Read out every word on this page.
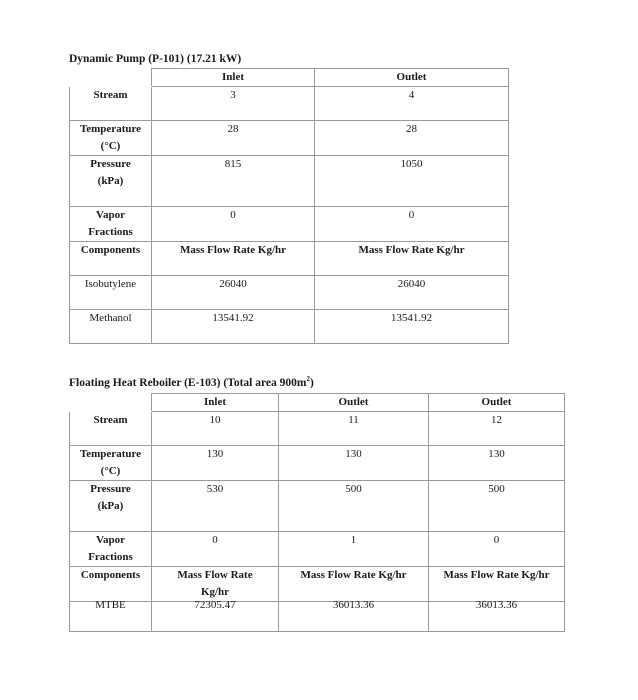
Dynamic Pump (P-101) (17.21 kW)
	Inlet	Outlet
Stream	3	4

Temperature
(°C)	28	28

Pressure
(kPa)	815	1050

Vapor
Fractions	0	0
Components	Mass Flow Rate Kg/hr	Mass Flow Rate Kg/hr
Isobutylene	26040	26040
Methanol	13541.92	13541.92
Floating Heat Reboiler (E-103) (Total area $900m^2$)
	Inlet	Outlet	Outlet
Stream	10	11	12

Temperature
(°C)	130	130	130

Pressure
(kPa)	530	500	500

Vapor
Fractions	0	1	0
Components	Mass Flow Rate
Kg/hr	Mass Flow Rate Kg/hr	Mass Flow Rate Kg/hr
MTBE	72305.47	36013.36	36013.36
